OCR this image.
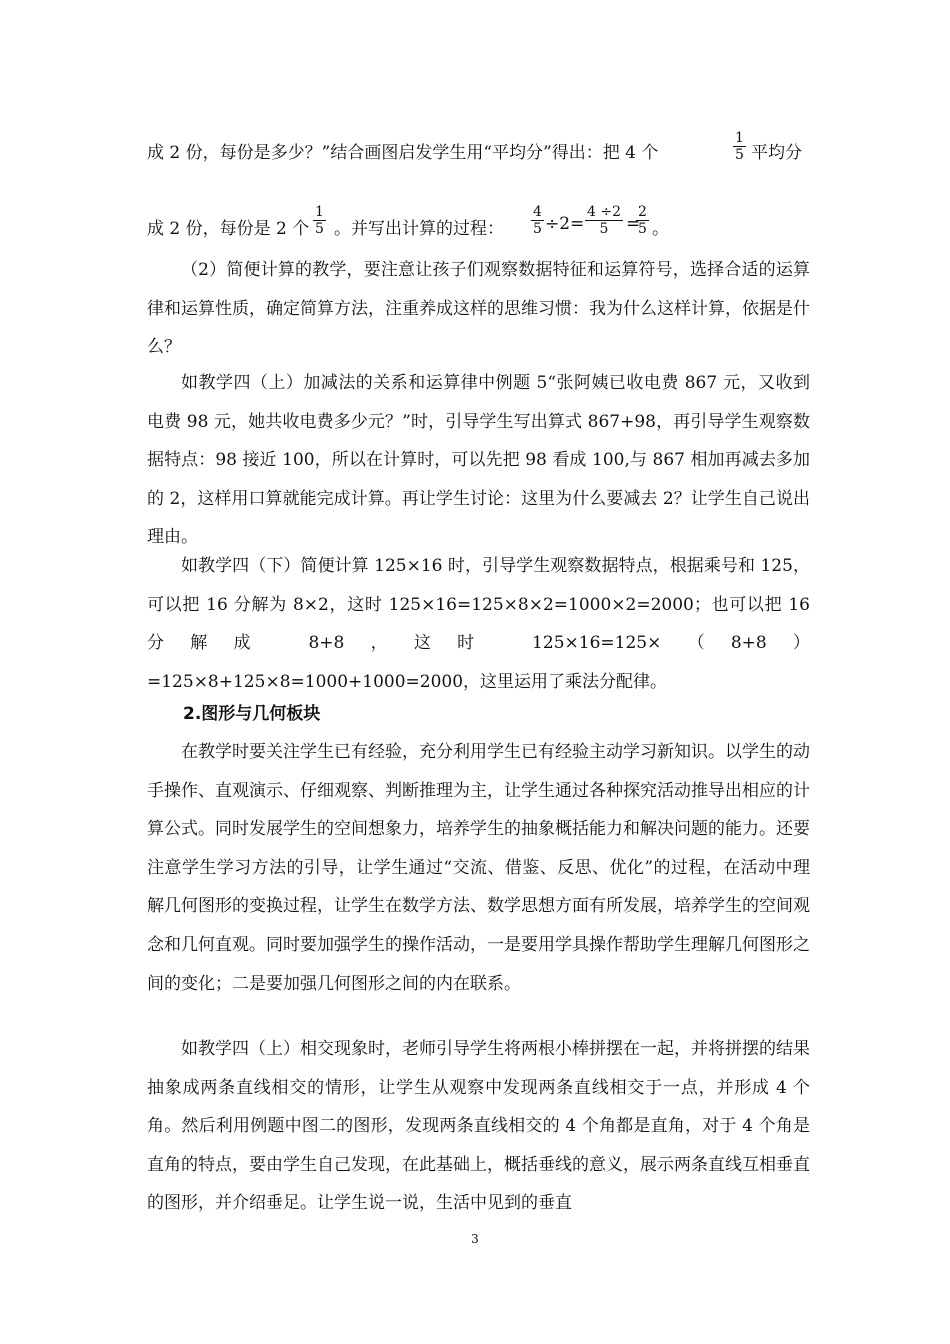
成 2 份，每份是多少？”结合画图启发学生用“平均分”得出：把 4 个
1
5 平均分
成 2 份，每份是 2 个
1
5 。并写出计算的过程：
4
5 ÷2=
4 ÷2
5	=
2
5 。
（2）简便计算的教学，要注意让孩子们观察数据特征和运算符号，选择合适的运算律和运算性质，确定简算方法，注重养成这样的思维习惯：我为什么这样计算，依据是什么？
如教学四（上）加减法的关系和运算律中例题 5“张阿姨已收电费 867 元，又收到电费 98 元，她共收电费多少元？”时，引导学生写出算式 867+98，再引导学生观察数据特点：98 接近 100，所以在计算时，可以先把 98 看成 100,与 867 相加再减去多加的 2，这样用口算就能完成计算。再让学生讨论：这里为什么要减去 2？让学生自己说出理由。
如教学四（下）简便计算 125×16 时，引导学生观察数据特点，根据乘号和 125，可以把 16 分解为 8×2，这时 125×16=125×8×2=1000×2=2000；也可以把 16 分解成 8+8，这时 125×16=125×（8+8）=125×8+125×8=1000+1000=2000，这里运用了乘法分配律。
2.图形与几何板块
在教学时要关注学生已有经验，充分利用学生已有经验主动学习新知识。以学生的动手操作、直观演示、仔细观察、判断推理为主，让学生通过各种探究活动推导出相应的计算公式。同时发展学生的空间想象力，培养学生的抽象概括能力和解决问题的能力。还要注意学生学习方法的引导，让学生通过“交流、借鉴、反思、优化”的过程，在活动中理解几何图形的变换过程，让学生在数学方法、数学思想方面有所发展，培养学生的空间观念和几何直观。同时要加强学生的操作活动，一是要用学具操作帮助学生理解几何图形之间的变化；二是要加强几何图形之间的内在联系。
如教学四（上）相交现象时，老师引导学生将两根小棒拼摆在一起，并将拼摆的结果抽象成两条直线相交的情形，让学生从观察中发现两条直线相交于一点，并形成 4 个角。然后利用例题中图二的图形，发现两条直线相交的 4 个角都是直角，对于 4 个角是直角的特点，要由学生自己发现，在此基础上，概括垂线的意义，展示两条直线互相垂直的图形，并介绍垂足。让学生说一说，生活中见到的垂直
3
